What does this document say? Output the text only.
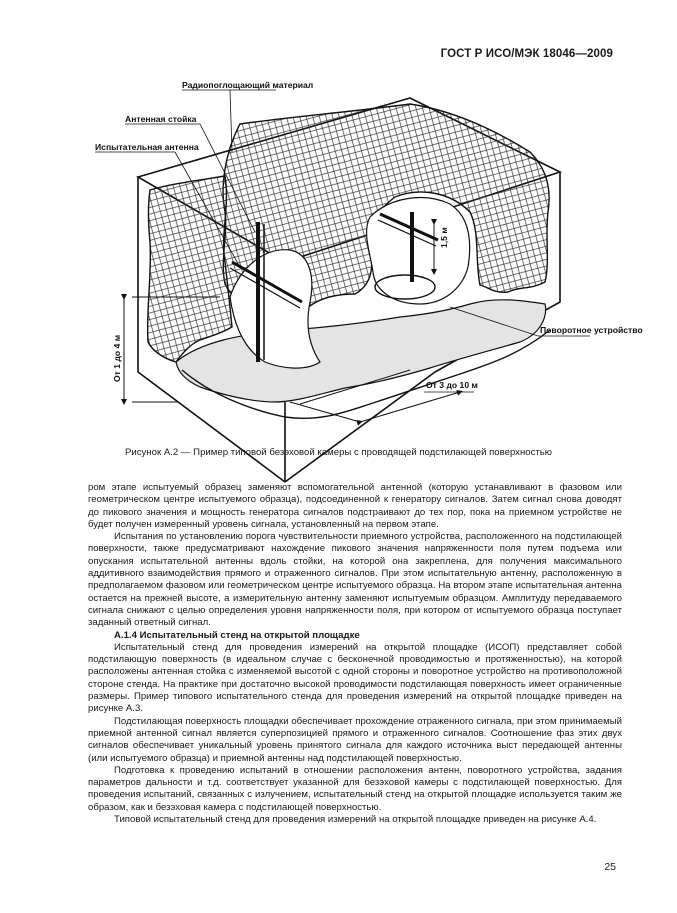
ГОСТ Р ИСО/МЭК 18046—2009
1,5 м
От 1 до 4 м
От 3 до 10 м
Радиопоглощающий материал
Антенная стойка
Испытательная антенна
Поворотное устройство
Рисунок А.2 — Пример типовой безэховой камеры с проводящей подстилающей поверхностью

ром этапе испытуемый образец заменяют вспомогательной антенной (которую устанавливают в фазовом или геометрическом центре испытуемого образца), подсоединенной к генератору сигналов. Затем сигнал снова доводят до пикового значения и мощность генератора сигналов подстраивают до тех пор, пока на приемном устройстве не будет получен измеренный уровень сигнала, установленный на первом этапе.

Испытания по установлению порога чувствительности приемного устройства, расположенного на подстилающей поверхности, также предусматривают нахождение пикового значения напряженности поля путем подъема или опускания испытательной антенны вдоль стойки, на которой она закреплена, для получения максимального аддитивного взаимодействия прямого и отраженного сигналов. При этом испытательную антенну, расположенную в предполагаемом фазовом или геометрическом центре испытуемого образца. На втором этапе испытательная антенна остается на прежней высоте, а измерительную антенну заменяют испытуемым образцом. Амплитуду передаваемого сигнала снижают с целью определения уровня напряженности поля, при котором от испытуемого образца поступает заданный ответный сигнал.

А.1.4 Испытательный стенд на открытой площадке

Испытательный стенд для проведения измерений на открытой площадке (ИСОП) представляет собой подстилающую поверхность (в идеальном случае с бесконечной проводимостью и протяженностью), на которой расположены антенная стойка с изменяемой высотой с одной стороны и поворотное устройство на противоположной стороне стенда. На практике при достаточно высокой проводимости подстилающая поверхность имеет ограниченные размеры. Пример типового испытательного стенда для проведения измерений на открытой площадке приведен на рисунке А.3.

Подстилающая поверхность площадки обеспечивает прохождение отраженного сигнала, при этом принимаемый приемной антенной сигнал является суперпозицией прямого и отраженного сигналов. Соотношение фаз этих двух сигналов обеспечивает уникальный уровень принятого сигнала для каждого источника выст передающей антенны (или испытуемого образца) и приемной антенны над подстилающей поверхностью.

Подготовка к проведению испытаний в отношении расположения антенн, поворотного устройства, задания параметров дальности и т.д. соответствует указанной для безэховой камеры с подстилающей поверхностью. Для проведения испытаний, связанных с излучением, испытательный стенд на открытой площадке используется таким же образом, как и безэховая камера с подстилающей поверхностью.

Типовой испытательный стенд для проведения измерений на открытой площадке приведен на рисунке А.4.

25
